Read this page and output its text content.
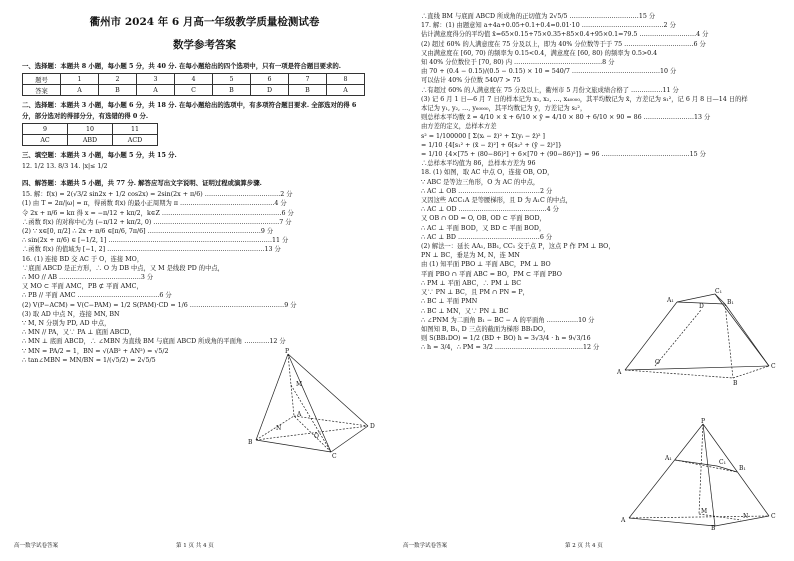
衢州市 2024 年 6 月高一年级教学质量检测试卷
数学参考答案
一、选择题：本题共 8 小题，每小题 5 分，共 40 分. 在每小题给出的四个选项中，只有一项是符合题目要求的.
题号	1	2	3	4	5	6	7	8
答案	A	B	A	C	B	D	B	A
二、选择题：本题共 3 小题，每小题 6 分，共 18 分. 在每小题给出的选项中，有多项符合题目要求. 全部选对的得 6
分，部分选对的得部分分，有选错的得 0 分.
9	10	11
AC	ABD	ACD
三、填空题：本题共 3 小题，每小题 5 分，共 15 分.
12. 1/2 13. 8/3 14. |x|≤ 1/2
四、解答题：本题共 5 小题，共 77 分. 解答应写出文字说明、证明过程或演算步骤.
15. 解：f(x) = 2(√3/2 sin2x + 1/2 cos2x) = 2sin(2x + π/6) ………………………………2 分
(1) 由 T = 2π/|ω| = π，得函数 f(x) 的最小正周期为 π ………………………………………4 分
令 2x + π/6 = kπ 得 x = −π/12 + kπ/2，k∈Z …………………………………………………6 分
∴函数 f(x) 的对称中心为 (−π/12 + kπ/2, 0) ……………………………………………………7 分
(2) ∵ x∈[0, π/2] ∴ 2x + π/6 ∈[π/6, 7π/6] ………………………………………………9 分
∴ sin(2x + π/6) ∈ [−1/2, 1] ……………………………………………………………………11 分
∴函数 f(x) 的值域为 [−1, 2] …………………………………………………………………13 分
16. (1) 连接 BD 交 AC 于 O，连接 MO，
∵底面 ABCD 是正方形，∴ O 为 DB 中点，又 M 是线段 PD 的中点，
∴ MO // AB …………………………………3 分
又 MO ⊂ 平面 AMC，PB ⊄ 平面 AMC，
∴ PB // 平面 AMC …………………………………6 分
(2) V(P−ACM) = V(C−PAM) = 1/2 S(PAM)·CD = 1/6 ………………………………………9 分
(3) 取 AD 中点 N，连接 MN, BN
∵ M, N 分别为 PD, AD 中点，
∴ MN // PA，又∵ PA ⊥ 底面 ABCD，
∴ MN ⊥ 底面 ABCD，∴ ∠MBN 为直线 BM 与底面 ABCD 所成角的平面角 …………12 分
∵ MN = PA/2 = 1，BN = √(AB² + AN²) = √5/2
∴ tan∠MBN = MN/BN = 1/(√5/2) = 2√5/5
P
M
N
A
B
C
D
O
高一数学试卷答案	第 1 页 共 4 页
∴直线 BM 与底面 ABCD 所成角的正切值为 2√5/5 ……………………………15 分
17. 解：(1) 由题意知 a+4a+0.05+0.1+0.4=0.01·10 …………………………………2 分
估计满意度得分的平均值 x̄=65×0.15+75×0.35+85×0.4+95×0.1=79.5 ………………………4 分
(2) 超过 60% 的人满意度在 75 分及以上，即为 40% 分位数等于于 75 ……………………………6 分
又由满意度在 [60, 70) 的频率为 0.15<0.4，满意度在 [60, 80) 的频率为 0.5>0.4
知 40% 分位数位于 [70, 80) 内 ……………………………………8 分
由 70 + (0.4 − 0.15)/(0.5 − 0.15) × 10 = 540/7 ……………………………………10 分
可以估计 40% 分位数 540/7 > 75
∴有超过 60% 的人满意度在 75 分及以上，衢州市 5 月份文旅成绩合格了 ……………11 分
(3) 记 6 月 1 日—6 月 7 日的样本记为 x₁, x₂, …, x₄₀₀₀₀，其平均数记为 x̄，方差记为 s₁²，记 6 月 8 日—14 日的样
本记为 y₁, y₂, …, y₆₀₀₀₀，其平均数记为 ȳ，方差记为 s₂²，
则总样本平均数 z̄ = 4/10 × x̄ + 6/10 × ȳ = 4/10 × 80 + 6/10 × 90 = 86 ……………………13 分
由方差的定义，总样本方差
s² = 1/100000 [ Σ(xᵢ − z̄)² + Σ(yᵢ − z̄)² ]
= 1/10 {4[s₁² + (x̄ − z̄)²] + 6[s₂² + (ȳ − z̄)²]}
= 1/10 {4×[75 + (80−86)²] + 6×[70 + (90−86)²]} = 96 ……………………………………15 分
∴总样本平均值为 86，总样本方差为 96
18. (1) 如图，取 AC 中点 O，连接 OB, OD，
∵ ABC 是等边三角形，O 为 AC 的中点，
∴ AC ⊥ OB …………………………………2 分
又因这些 ACC₁A 是等腰梯形，且 D 为 A₁C 的中点，
∴ AC ⊥ OD ……………………………………4 分
又 OB ∩ OD = O, OB, OD ⊂ 平面 BOD，
∴ AC ⊥ 平面 BOD，又 BD ⊂ 平面 BOD，
∴ AC ⊥ BD …………………………………6 分
(2) 解法一：延长 AA₁, BB₁, CC₁ 交于点 P，这点 P 作 PM ⊥ BO，
PN ⊥ BC，垂足为 M, N，连 MN
由 (1) 知平面 PBO ⊥ 平面 ABC，PM ⊥ BO
平面 PBO ∩ 平面 ABC = BO，PM ⊂ 平面 PBO
∴ PM ⊥ 平面 ABC，∴ PM ⊥ BC
又∵ PN ⊥ BC，且 PM ∩ PN = P，
∴ BC ⊥ 平面 PMN
∴ BC ⊥ MN，又∵ PN ⊥ BC
∴ ∠PNM 为二面角 B₁ − BC − A 的平面角 ……………10 分
如图知 B, B₁, D 三点的截面为梯形 BB₁DO，
则 S(BB₁DO) = 1/2 (BD + BO) h = 3√3/4 · h = 9√3/16
∴ h = 3/4，∴ PM = 3/2 ……………………………………12 分
A₁	B₁
C₁
D
O
A
B
C
P
A₁
B₁
C₁
N
M
A
B
C
高一数学试卷答案	第 2 页 共 4 页
